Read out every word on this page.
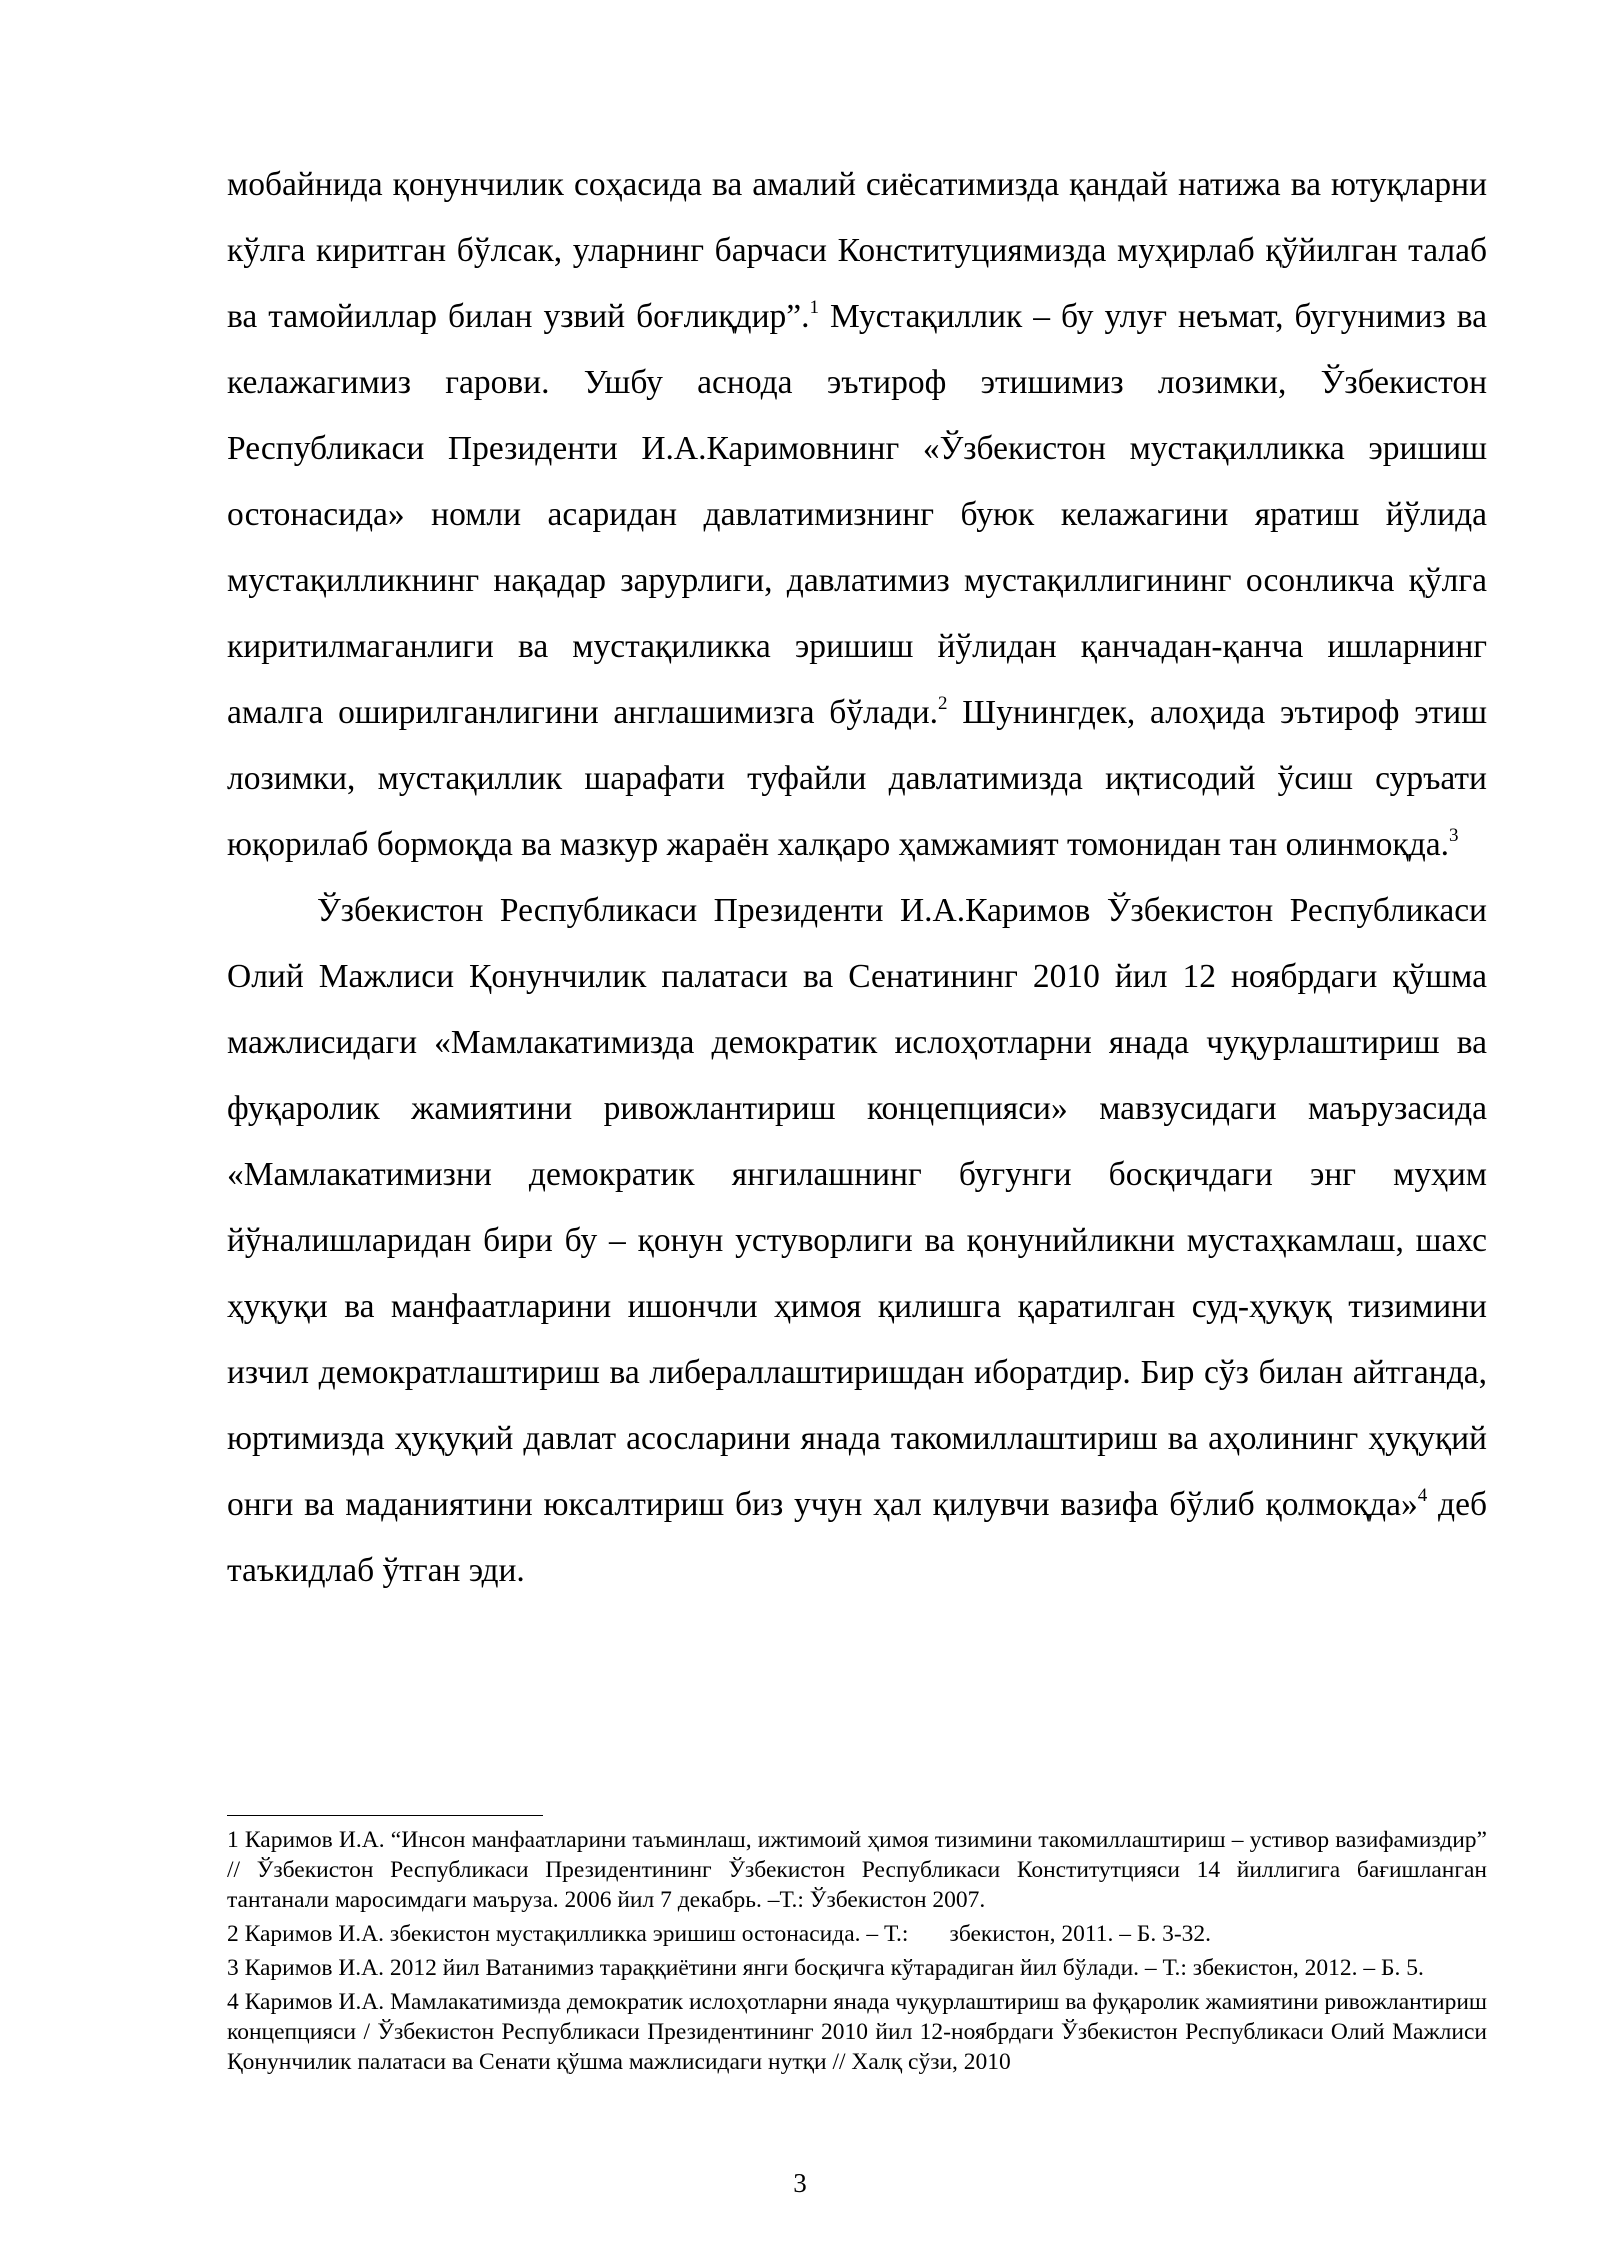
мобайнида қонунчилик соҳасида ва амалий сиёсатимизда қандай натижа ва ютуқларни кўлга киритган бўлсак, уларнинг барчаси Конституциямизда муҳирлаб қўйилган талаб ва тамойиллар билан узвий боғлиқдир”.$^1$ Мустақиллик – бу улуғ неъмат, бугунимиз ва келажагимиз гарови. Ушбу аснода эътироф этишимиз лозимки, Ўзбекистон Республикаси Президенти И.А.Каримовнинг «Ўзбекистон мустақилликка эришиш остонасида» номли асаридан давлатимизнинг буюк келажагини яратиш йўлида мустақилликнинг нақадар зарурлиги, давлатимиз мустақиллигининг осонликча қўлга киритилмаганлиги ва мустақиликка эришиш йўлидан қанчадан-қанча ишларнинг амалга оширилганлигини англашимизга бўлади.$^2$ Шунингдек, алоҳида эътироф этиш лозимки, мустақиллик шарафати туфайли давлатимизда иқтисодий ўсиш суръати юқорилаб бормоқда ва мазкур жараён халқаро ҳамжамият томонидан тан олинмоқда.$^3$

Ўзбекистон Республикаси Президенти И.А.Каримов Ўзбекистон Республикаси Олий Мажлиси Қонунчилик палатаси ва Сенатининг 2010 йил 12 ноябрдаги қўшма мажлисидаги «Мамлакатимизда демократик ислоҳотларни янада чуқурлаштириш ва фуқаролик жамиятини ривожлантириш концепцияси» мавзусидаги маърузасида «Мамлакатимизни демократик янгилашнинг бугунги босқичдаги энг муҳим йўналишларидан бири бу – қонун устуворлиги ва қонунийликни мустаҳкамлаш, шахс ҳуқуқи ва манфаатларини ишончли ҳимоя қилишга қаратилган суд-ҳуқуқ тизимини изчил демократлаштириш ва либераллаштиришдан иборатдир. Бир сўз билан айтганда, юртимизда ҳуқуқий давлат асосларини янада такомиллаштириш ва аҳолининг ҳуқуқий онги ва маданиятини юксалтириш биз учун ҳал қилувчи вазифа бўлиб қолмоқда»$^4$ деб таъкидлаб ўтган эди.

1 Каримов И.А. “Инсон манфаатларини таъминлаш, ижтимоий ҳимоя тизимини такомиллаштириш – устивор вазифамиздир” // Ўзбекистон Республикаси Президентининг Ўзбекистон Республикаси Конститутцияси 14 йиллигига бағишланган тантанали маросимдаги маъруза. 2006 йил 7 декабрь. –Т.: Ўзбекистон 2007.

2 Каримов И.А. збекистон мустақилликка эришиш остонасида. – Т.:       збекистон, 2011. – Б. 3-32.

3 Каримов И.А. 2012 йил Ватанимиз тараққиётини янги босқичга кўтарадиган йил бўлади. – Т.: збекистон, 2012. – Б. 5.

4 Каримов И.А. Мамлакатимизда демократик ислоҳотларни янада чуқурлаштириш ва фуқаролик жамиятини ривожлантириш концепцияси / Ўзбекистон Республикаси Президентининг 2010 йил 12-ноябрдаги Ўзбекистон Республикаси Олий Мажлиси Қонунчилик палатаси ва Сенати қўшма мажлисидаги нутқи // Халқ сўзи, 2010

3
